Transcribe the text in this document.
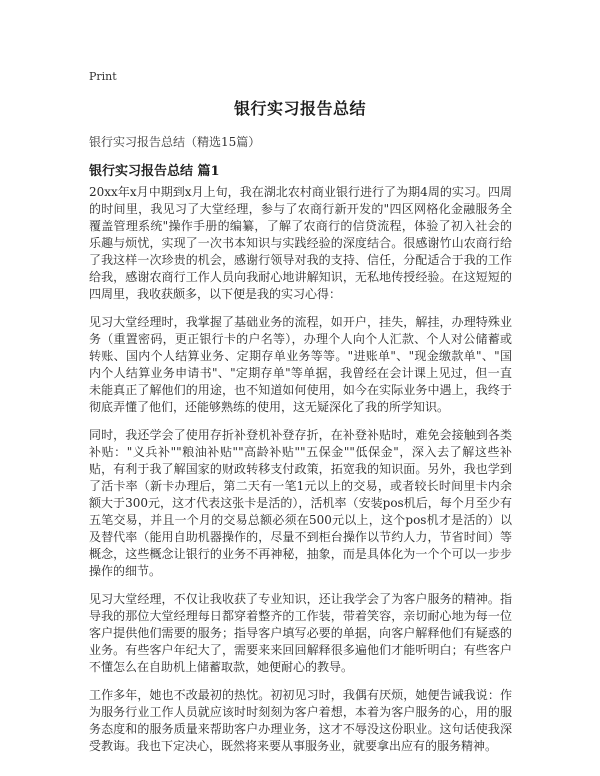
Print
银行实习报告总结
银行实习报告总结（精选15篇）
银行实习报告总结 篇1

20xx年x月中期到x月上旬，我在湖北农村商业银行进行了为期4周的实习。四周的时间里，我见习了大堂经理，参与了农商行新开发的"四区网格化金融服务全覆盖管理系统"操作手册的编纂，了解了农商行的信贷流程，体验了初入社会的乐趣与烦忧，实现了一次书本知识与实践经验的深度结合。很感谢竹山农商行给了我这样一次珍贵的机会，感谢行领导对我的支持、信任，分配适合于我的工作给我，感谢农商行工作人员向我耐心地讲解知识，无私地传授经验。在这短短的四周里，我收获颇多，以下便是我的实习心得：

见习大堂经理时，我掌握了基础业务的流程，如开户，挂失，解挂，办理特殊业务（重置密码，更正银行卡的户名等），办理个人向个人汇款、个人对公储蓄或转账、国内个人结算业务、定期存单业务等等。"进账单"、"现金缴款单"、"国内个人结算业务申请书"、"定期存单"等单据，我曾经在会计课上见过，但一直未能真正了解他们的用途，也不知道如何使用，如今在实际业务中遇上，我终于彻底弄懂了他们，还能够熟练的使用，这无疑深化了我的所学知识。

同时，我还学会了使用存折补登机补登存折，在补登补贴时，难免会接触到各类补贴："义兵补""粮油补贴""高龄补贴""五保金""低保金"，深入去了解这些补贴，有利于我了解国家的财政转移支付政策，拓宽我的知识面。另外，我也学到了活卡率（新卡办理后，第二天有一笔1元以上的交易，或者较长时间里卡内余额大于300元，这才代表这张卡是活的），活机率（安装pos机后，每个月至少有五笔交易，并且一个月的交易总额必须在500元以上，这个pos机才是活的）以及替代率（能用自助机器操作的，尽量不到柜台操作以节约人力，节省时间）等概念，这些概念让银行的业务不再神秘，抽象，而是具体化为一个个可以一步步操作的细节。

见习大堂经理，不仅让我收获了专业知识，还让我学会了为客户服务的精神。指导我的那位大堂经理每日都穿着整齐的工作装，带着笑容，亲切耐心地为每一位客户提供他们需要的服务；指导客户填写必要的单据，向客户解释他们有疑惑的业务。有些客户年纪大了，需要来来回回解释很多遍他们才能听明白；有些客户不懂怎么在自助机上储蓄取款，她便耐心的教导。

工作多年，她也不改最初的热忱。初初见习时，我偶有厌烦，她便告诫我说：作为服务行业工作人员就应该时时刻刻为客户着想，本着为客户服务的心，用的服务态度和的服务质量来帮助客户办理业务，这才不辱没这份职业。这句话使我深受教诲。我也下定决心，既然将来要从事服务业，就要拿出应有的服务精神。
